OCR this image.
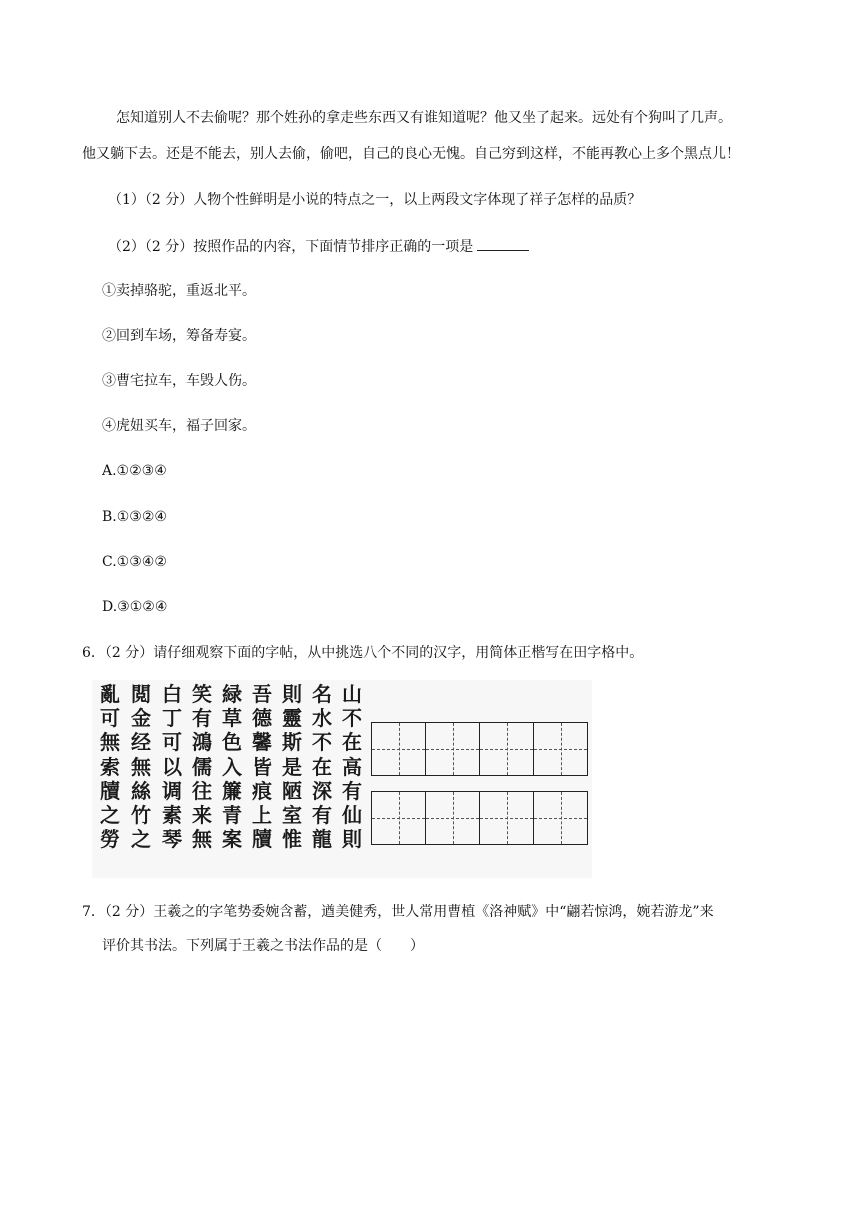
怎知道别人不去偷呢？那个姓孙的拿走些东西又有谁知道呢？他又坐了起来。远处有个狗叫了几声。
他又躺下去。还是不能去，别人去偷，偷吧，自己的良心无愧。自己穷到这样，不能再教心上多个黑点儿！
（1）（2 分）人物个性鲜明是小说的特点之一，以上两段文字体现了祥子怎样的品质？
（2）（2 分）按照作品的内容，下面情节排序正确的一项是
①卖掉骆驼，重返北平。
②回到车场，筹备寿宴。
③曹宅拉车，车毁人伤。
④虎妞买车，福子回家。
A.①②③④
B.①③②④
C.①③④②
D.③①②④
6．（2 分）请仔细观察下面的字帖，从中挑选八个不同的汉字，用简体正楷写在田字格中。
亂
可
無
索
牘
之
勞
閲
金
经
無
絲
竹
之
白
丁
可
以
调
素
琴
笑
有
鴻
儒
往
来
無
緑
草
色
入
簾
青
案
吾
德
馨
皆
痕
上
牘
則
靈
斯
是
陋
室
惟
名
水
不
在
深
有
龍
山
不
在
高
有
仙
則
7．（2 分）王羲之的字笔势委婉含蓄，遒美健秀，世人常用曹植《洛神赋》中“翩若惊鸿，婉若游龙”来
评价其书法。下列属于王羲之书法作品的是（　　）
